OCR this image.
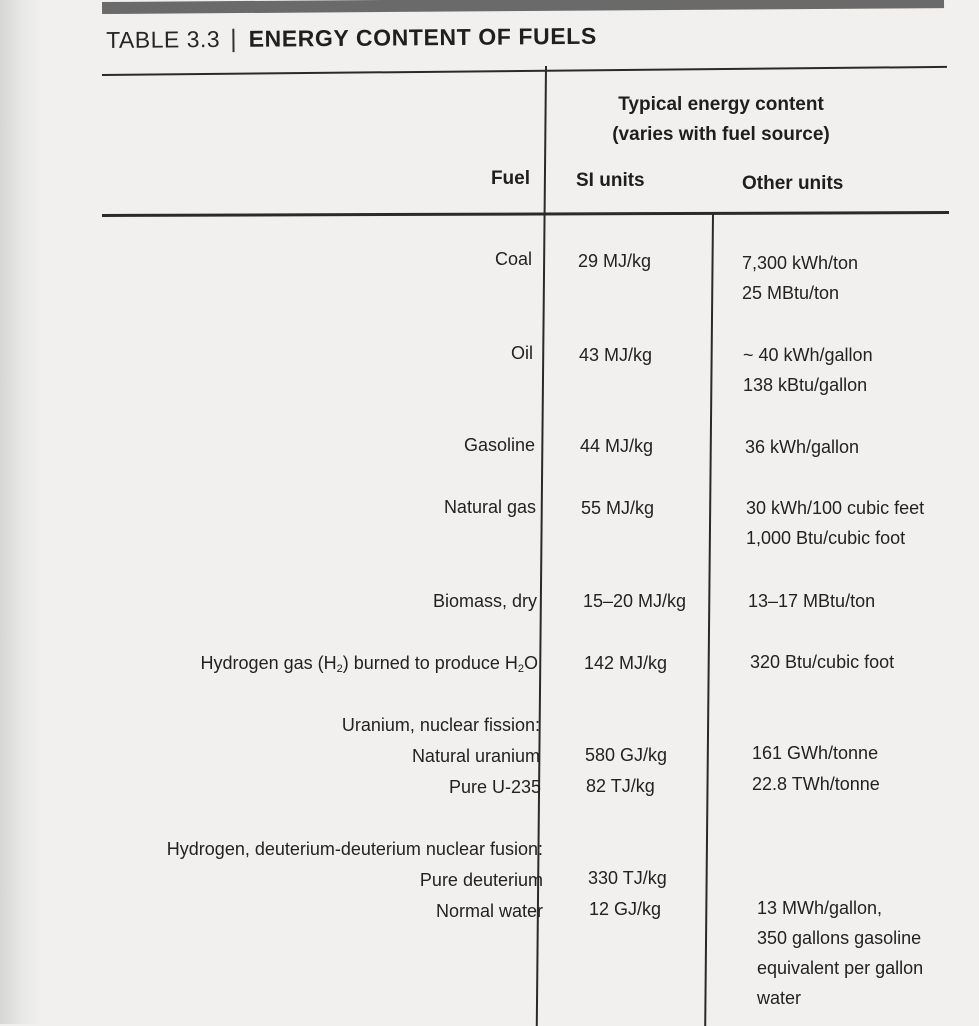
TABLE 3.3 | ENERGY CONTENT OF FUELS
Typical energy content
(varies with fuel source)
Fuel SI units	Other units
Coal	29 MJ/kg	7,300 kWh/ton
25 MBtu/ton
Oil	43 MJ/kg	~ 40 kWh/gallon
138 kBtu/gallon
Gasoline	44 MJ/kg	36 kWh/gallon
Natural gas	55 MJ/kg	30 kWh/100 cubic feet
1,000 Btu/cubic foot
Biomass, dry	15–20 MJ/kg	13–17 MBtu/ton
Hydrogen gas $(H_2)$ burned to produce $H_2O$	142 MJ/kg	320 Btu/cubic foot
Uranium, nuclear fission:
Natural uranium	580 GJ/kg	161 GWh/tonne
Pure U-235	82 TJ/kg	22.8 TWh/tonne
Hydrogen, deuterium-deuterium nuclear fusion:
Pure deuterium	330 TJ/kg
Normal water	12 GJ/kg	13 MWh/gallon,
350 gallons gasoline
equivalent per gallon
water
